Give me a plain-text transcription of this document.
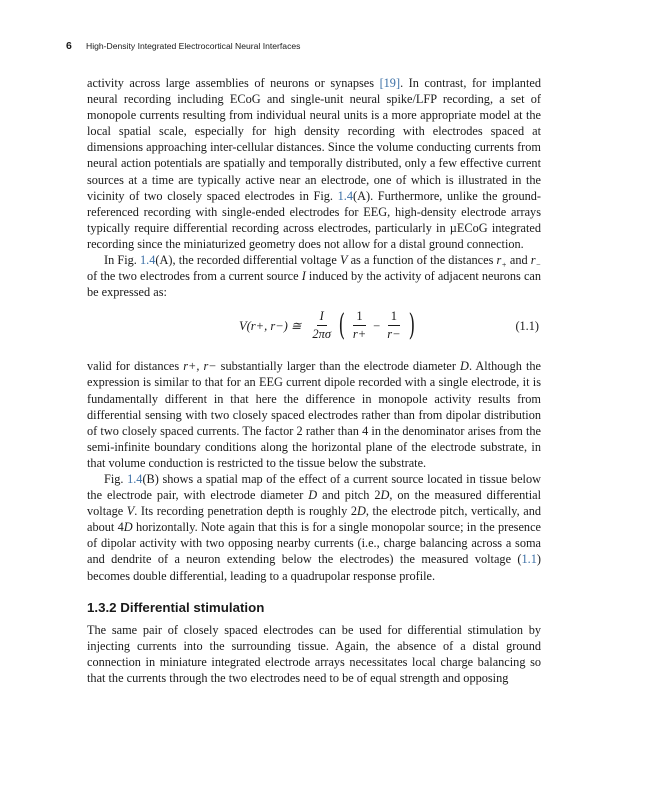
6 High-Density Integrated Electrocortical Neural Interfaces

activity across large assemblies of neurons or synapses [19]. In contrast, for implanted neural recording including ECoG and single-unit neural spike/LFP recording, a set of monopole currents resulting from individual neural units is a more appropriate model at the local spatial scale, especially for high density recording with electrodes spaced at dimensions approaching inter-cellular distances. Since the volume conducting currents from neural action potentials are spatially and temporally distributed, only a few effective current sources at a time are typically active near an electrode, one of which is illustrated in the vicinity of two closely spaced electrodes in Fig. 1.4(A). Furthermore, unlike the ground-referenced recording with single-ended electrodes for EEG, high-density electrode arrays typically require differential recording across electrodes, particularly in µECoG integrated recording since the miniaturized geometry does not allow for a distal ground connection.

In Fig. 1.4(A), the recorded differential voltage V as a function of the distances $r_+$ and $r_-$ of the two electrodes from a current source I induced by the activity of adjacent neurons can be expressed as:

V(r+, r−) ≅ $\frac{I}{2\pi\sigma}$ ( $\frac{1}{r+} - \frac{1}{r-}$ )	(1.1)

valid for distances r+, r− substantially larger than the electrode diameter D. Although the expression is similar to that for an EEG current dipole recorded with a single electrode, it is fundamentally different in that here the difference in monopole activity results from differential sensing with two closely spaced electrodes rather than from dipolar distribution of two closely spaced currents. The factor 2 rather than 4 in the denominator arises from the semi-infinite boundary conditions along the horizontal plane of the electrode substrate, in that volume conduction is restricted to the tissue below the substrate.

Fig. 1.4(B) shows a spatial map of the effect of a current source located in tissue below the electrode pair, with electrode diameter D and pitch 2D, on the measured differential voltage V. Its recording penetration depth is roughly 2D, the electrode pitch, vertically, and about 4D horizontally. Note again that this is for a single monopolar source; in the presence of dipolar activity with two opposing nearby currents (i.e., charge balancing across a soma and dendrite of a neuron extending below the electrodes) the measured voltage (1.1) becomes double differential, leading to a quadrupolar response profile.

1.3.2 Differential stimulation

The same pair of closely spaced electrodes can be used for differential stimulation by injecting currents into the surrounding tissue. Again, the absence of a distal ground connection in miniature integrated electrode arrays necessitates local charge balancing so that the currents through the two electrodes need to be of equal strength and opposing
